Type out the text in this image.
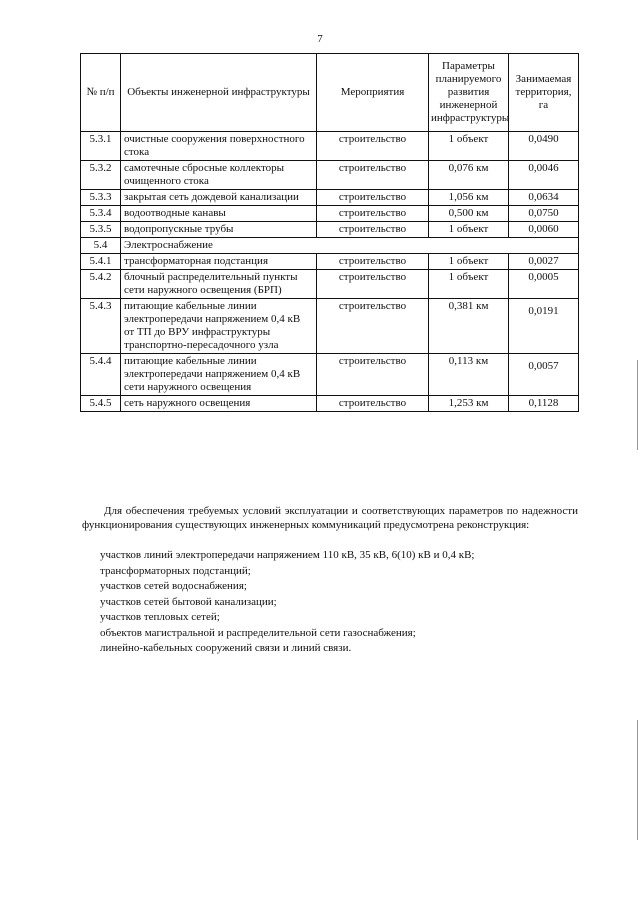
7
№ п/п	Объекты инженерной инфраструктуры	Мероприятия	Параметры планируемого развития инженерной инфраструктуры	Занимаемая территория, га
5.3.1	очистные сооружения поверхностного стока	строительство	1 объект	0,0490
5.3.2	самотечные сбросные коллекторы очищенного стока	строительство	0,076 км	0,0046
5.3.3	закрытая сеть дождевой канализации	строительство	1,056 км	0,0634
5.3.4	водоотводные канавы	строительство	0,500 км	0,0750
5.3.5	водопропускные трубы	строительство	1 объект	0,0060
5.4	Электроснабжение			
5.4.1	трансформаторная подстанция	строительство	1 объект	0,0027
5.4.2	блочный распределительный пункты сети наружного освещения (БРП)	строительство	1 объект	0,0005
5.4.3	питающие кабельные линии электропередачи напряжением 0,4 кВ от ТП до ВРУ инфраструктуры транспортно-пересадочного узла	строительство	0,381 км	0,0191
5.4.4	питающие кабельные линии электропередачи напряжением 0,4 кВ сети наружного освещения	строительство	0,113 км	0,0057
5.4.5	сеть наружного освещения	строительство	1,253 км	0,1128

Для обеспечения требуемых условий эксплуатации и соответствующих параметров по надежности функционирования существующих инженерных коммуникаций предусмотрена реконструкция:

участков линий электропередачи напряжением 110 кВ, 35 кВ, 6(10) кВ и 0,4 кВ;
трансформаторных подстанций;
участков сетей водоснабжения;
участков сетей бытовой канализации;
участков тепловых сетей;
объектов магистральной и распределительной сети газоснабжения;
линейно-кабельных сооружений связи и линий связи.
